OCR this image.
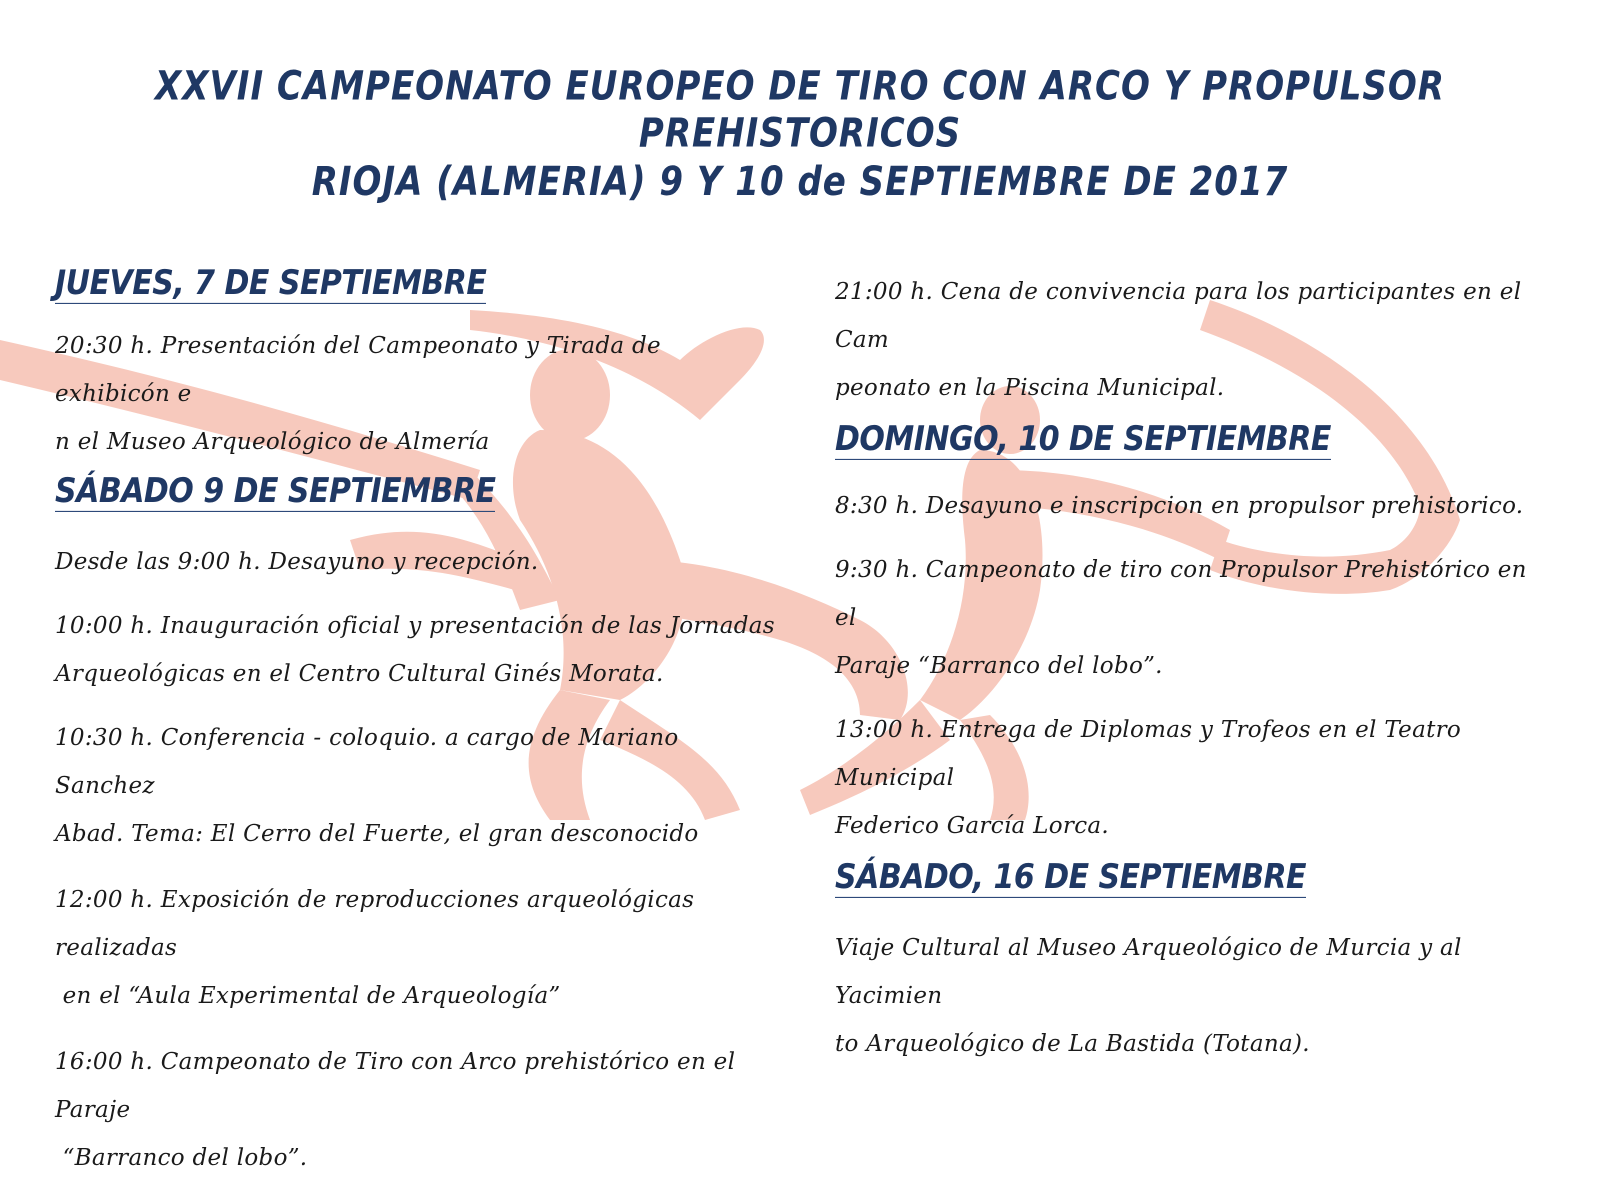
XXVII CAMPEONATO EUROPEO DE TIRO CON ARCO Y PROPULSOR PREHISTORICOS
RIOJA (ALMERIA) 9 Y 10 de SEPTIEMBRE DE 2017
JUEVES, 7 DE SEPTIEMBRE

20:30 h. Presentación del Campeonato y Tirada de exhibicón e

n el Museo Arqueológico de Almería

SÁBADO 9 DE SEPTIEMBRE

Desde las 9:00 h. Desayuno y recepción.

10:00 h. Inauguración oficial y presentación de las Jornadas

Arqueológicas en el Centro Cultural Ginés Morata.

10:30 h. Conferencia - coloquio. a cargo de Mariano Sanchez

Abad. Tema: El Cerro del Fuerte, el gran desconocido

12:00 h. Exposición de reproducciones arqueológicas realizadas

en el “Aula Experimental de Arqueología”

16:00 h. Campeonato de Tiro con Arco prehistórico en el Paraje

“Barranco del lobo”.

21:00 h. Cena de convivencia para los participantes en el Cam

peonato en la Piscina Municipal.

DOMINGO, 10 DE SEPTIEMBRE

8:30 h. Desayuno e inscripcion en propulsor prehistorico.

9:30 h. Campeonato de tiro con Propulsor Prehistórico en el

Paraje “Barranco del lobo”.

13:00 h. Entrega de Diplomas y Trofeos en el Teatro Municipal

Federico García Lorca.

SÁBADO, 16 DE SEPTIEMBRE

Viaje Cultural al Museo Arqueológico de Murcia y al Yacimien

to Arqueológico de La Bastida (Totana).
